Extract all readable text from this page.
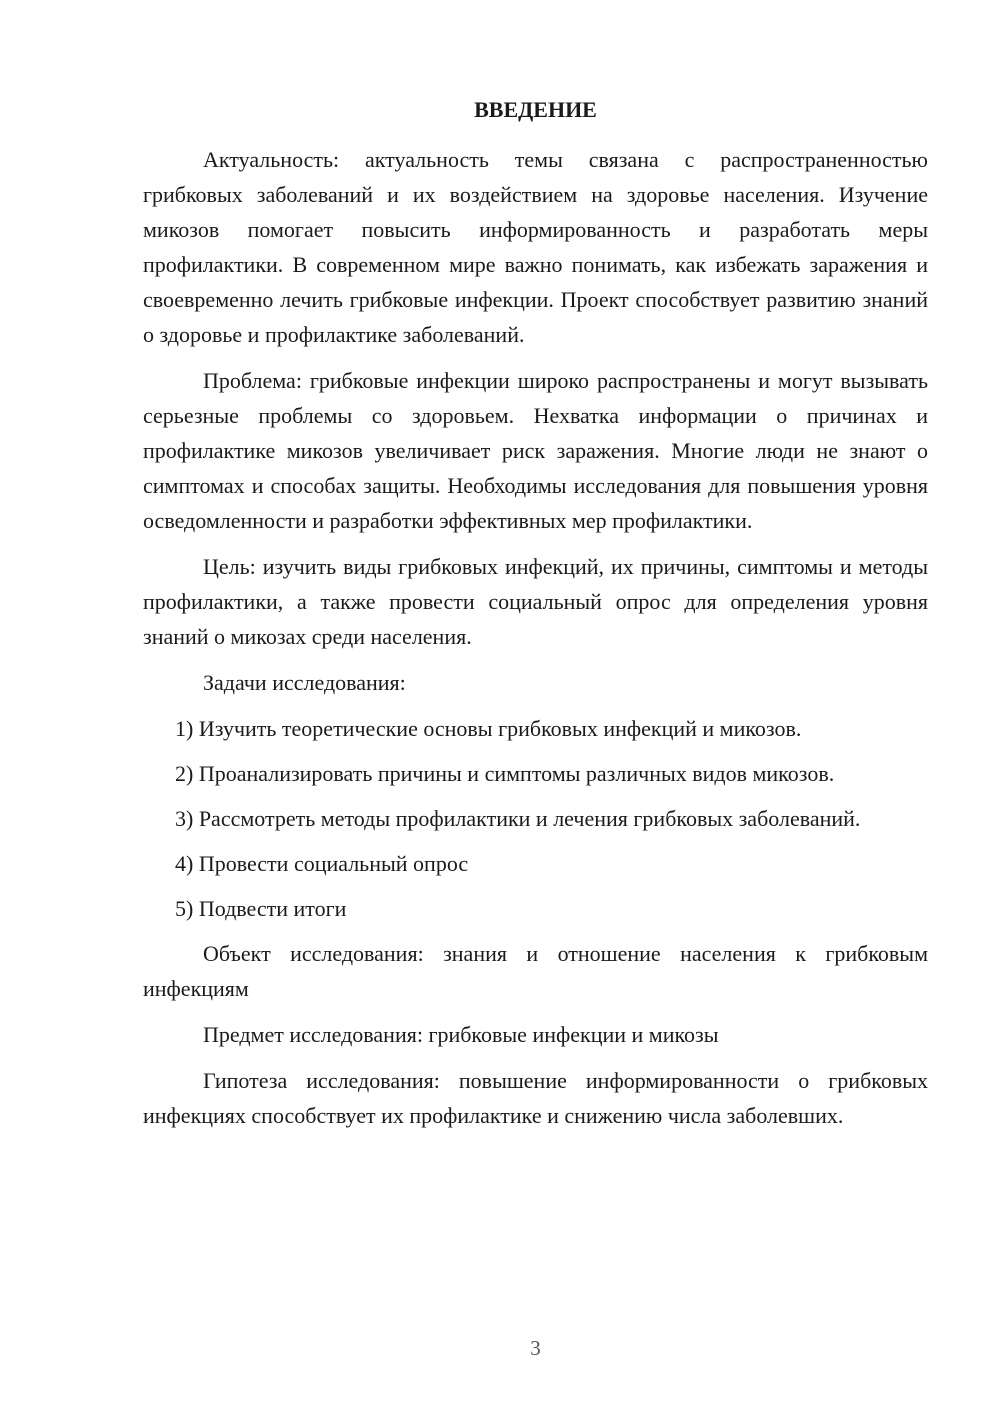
ВВЕДЕНИЕ

Актуальность: актуальность темы связана с распространенностью грибковых заболеваний и их воздействием на здоровье населения. Изучение микозов помогает повысить информированность и разработать меры профилактики. В современном мире важно понимать, как избежать заражения и своевременно лечить грибковые инфекции. Проект способствует развитию знаний о здоровье и профилактике заболеваний.

Проблема: грибковые инфекции широко распространены и могут вызывать серьезные проблемы со здоровьем. Нехватка информации о причинах и профилактике микозов увеличивает риск заражения. Многие люди не знают о симптомах и способах защиты. Необходимы исследования для повышения уровня осведомленности и разработки эффективных мер профилактики.

Цель: изучить виды грибковых инфекций, их причины, симптомы и методы профилактики, а также провести социальный опрос для определения уровня знаний о микозах среди населения.

Задачи исследования:

1) Изучить теоретические основы грибковых инфекций и микозов.

2) Проанализировать причины и симптомы различных видов микозов.

3) Рассмотреть методы профилактики и лечения грибковых заболеваний.

4) Провести социальный опрос

5) Подвести итоги

Объект исследования: знания и отношение населения к грибковым инфекциям

Предмет исследования: грибковые инфекции и микозы

Гипотеза исследования: повышение информированности о грибковых инфекциях способствует их профилактике и снижению числа заболевших.

3
